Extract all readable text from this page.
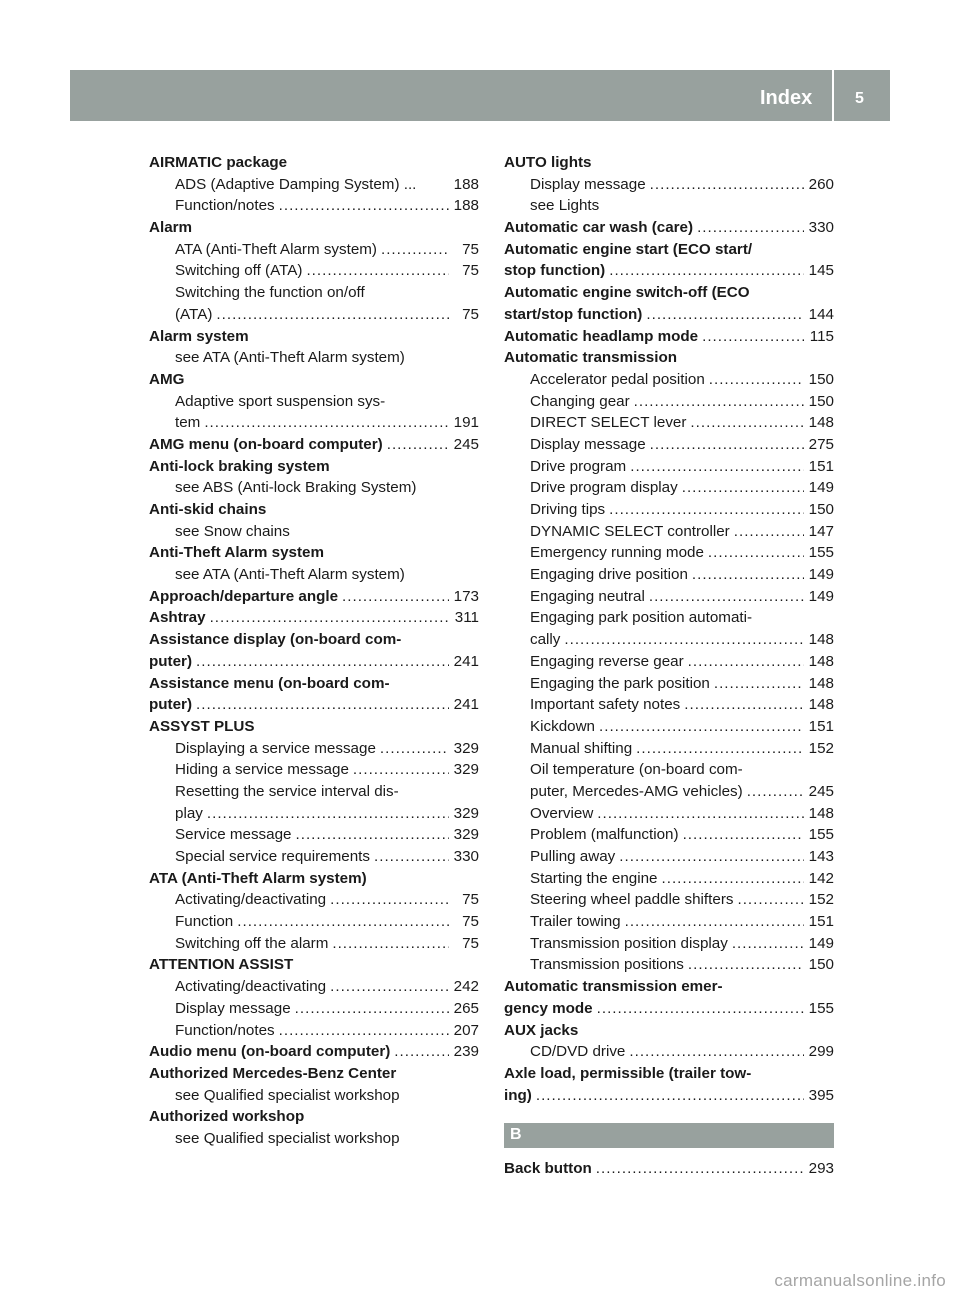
Index	5
AIRMATIC package
ADS (Adaptive Damping System) ... 188
Function/notes .....	188
Alarm
ATA (Anti-Theft Alarm system) .....	75
Switching off (ATA) .....	75
Switching the function on/off
(ATA) .....	75
Alarm system
see ATA (Anti-Theft Alarm system)
AMG
Adaptive sport suspension sys-
tem .....	191
AMG menu (on-board computer) .....	245
Anti-lock braking system
see ABS (Anti-lock Braking System)
Anti-skid chains
see Snow chains
Anti-Theft Alarm system
see ATA (Anti-Theft Alarm system)
Approach/departure angle .....	173
Ashtray .....	311
Assistance display (on-board com-
puter) .....	241
Assistance menu (on-board com-
puter) .....	241
ASSYST PLUS
Displaying a service message .....	329
Hiding a service message .....	329
Resetting the service interval dis-
play .....	329
Service message .....	329
Special service requirements .....	330
ATA (Anti-Theft Alarm system)
Activating/deactivating .....	75
Function .....	75
Switching off the alarm .....	75
ATTENTION ASSIST
Activating/deactivating .....	242
Display message .....	265
Function/notes .....	207
Audio menu (on-board computer) .....	239
Authorized Mercedes-Benz Center
see Qualified specialist workshop
Authorized workshop
see Qualified specialist workshop
AUTO lights
Display message .....	260
see Lights
Automatic car wash (care) .....	330
Automatic engine start (ECO start/
stop function) .....	145
Automatic engine switch-off (ECO
start/stop function) .....	144
Automatic headlamp mode .....	115
Automatic transmission
Accelerator pedal position .....	150
Changing gear .....	150
DIRECT SELECT lever .....	148
Display message .....	275
Drive program .....	151
Drive program display .....	149
Driving tips .....	150
DYNAMIC SELECT controller .....	147
Emergency running mode .....	155
Engaging drive position .....	149
Engaging neutral .....	149
Engaging park position automati-
cally .....	148
Engaging reverse gear .....	148
Engaging the park position .....	148
Important safety notes .....	148
Kickdown .....	151
Manual shifting .....	152
Oil temperature (on-board com-
puter, Mercedes-AMG vehicles) .....	245
Overview .....	148
Problem (malfunction) .....	155
Pulling away .....	143
Starting the engine .....	142
Steering wheel paddle shifters .....	152
Trailer towing .....	151
Transmission position display .....	149
Transmission positions .....	150
Automatic transmission emer-
gency mode .....	155
AUX jacks
CD/DVD drive .....	299
Axle load, permissible (trailer tow-
ing) .....	395
B
Back button .....	293
carmanualsonline.info
